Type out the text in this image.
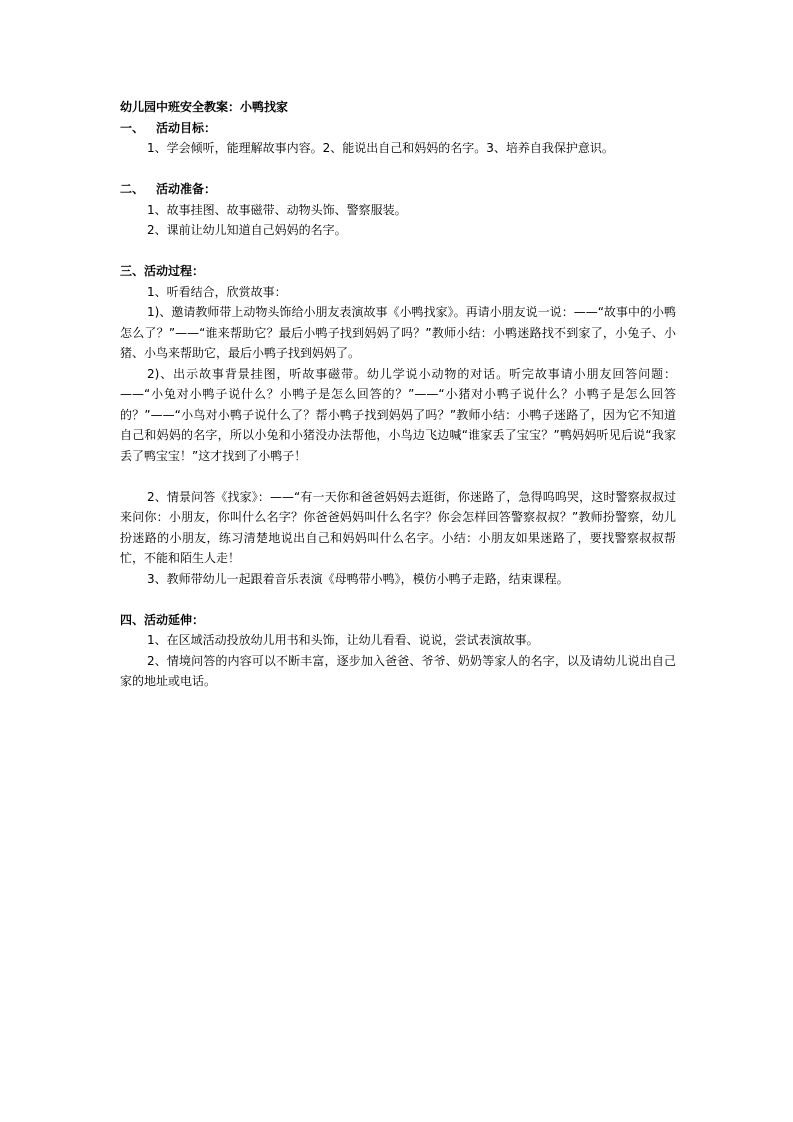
幼儿园中班安全教案：小鸭找家

一、 活动目标：

1、学会倾听，能理解故事内容。2、能说出自己和妈妈的名字。3、培养自我保护意识。

二、 活动准备：

1、故事挂图、故事磁带、动物头饰、警察服装。

2、课前让幼儿知道自己妈妈的名字。

三、活动过程：

1、听看结合，欣赏故事：

1)、邀请教师带上动物头饰给小朋友表演故事《小鸭找家》。再请小朋友说一说：——“故事中的小鸭怎么了？”——“谁来帮助它？最后小鸭子找到妈妈了吗？”教师小结：小鸭迷路找不到家了，小兔子、小猪、小鸟来帮助它，最后小鸭子找到妈妈了。

2)、出示故事背景挂图，听故事磁带。幼儿学说小动物的对话。听完故事请小朋友回答问题：——“小兔对小鸭子说什么？小鸭子是怎么回答的？”——“小猪对小鸭子说什么？小鸭子是怎么回答的？”——“小鸟对小鸭子说什么了？帮小鸭子找到妈妈了吗？”教师小结：小鸭子迷路了，因为它不知道自己和妈妈的名字，所以小兔和小猪没办法帮他，小鸟边飞边喊“谁家丢了宝宝？”鸭妈妈听见后说“我家丢了鸭宝宝！”这才找到了小鸭子！

2、情景问答《找家》：——“有一天你和爸爸妈妈去逛街，你迷路了，急得呜呜哭，这时警察叔叔过来问你：小朋友，你叫什么名字？你爸爸妈妈叫什么名字？你会怎样回答警察叔叔？”教师扮警察，幼儿扮迷路的小朋友，练习清楚地说出自己和妈妈叫什么名字。小结：小朋友如果迷路了，要找警察叔叔帮忙，不能和陌生人走！

3、教师带幼儿一起跟着音乐表演《母鸭带小鸭》，模仿小鸭子走路，结束课程。

四、活动延伸：

1、在区域活动投放幼儿用书和头饰，让幼儿看看、说说，尝试表演故事。

2、情境问答的内容可以不断丰富，逐步加入爸爸、爷爷、奶奶等家人的名字，以及请幼儿说出自己家的地址或电话。
